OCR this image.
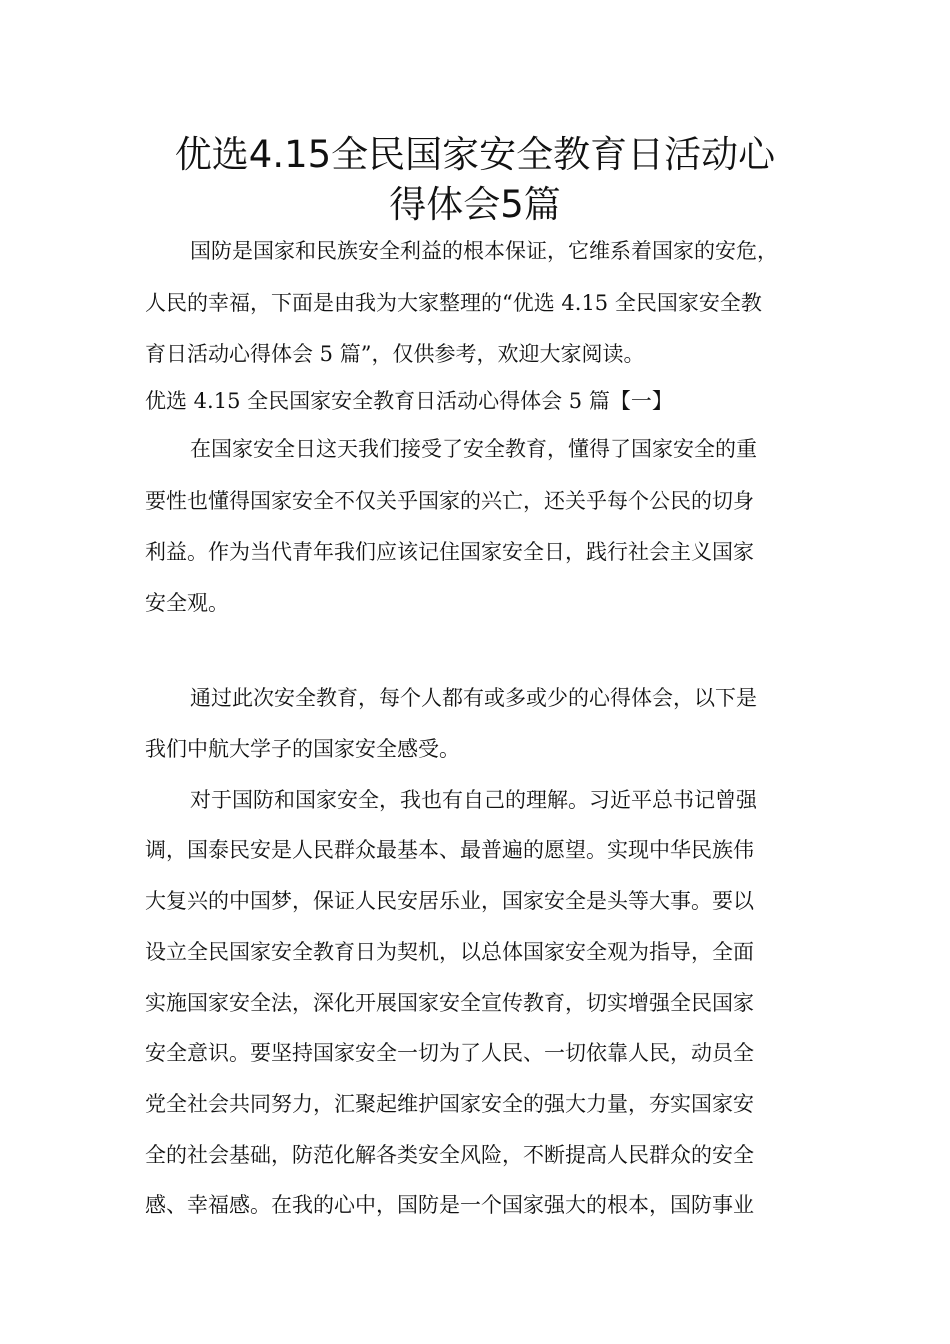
优选4.15全民国家安全教育日活动心
得体会5篇
国防是国家和民族安全利益的根本保证，它维系着国家的安危，
人民的幸福，下面是由我为大家整理的“优选 4.15 全民国家安全教
育日活动心得体会 5 篇”，仅供参考，欢迎大家阅读。
优选 4.15 全民国家安全教育日活动心得体会 5 篇【一】
在国家安全日这天我们接受了安全教育，懂得了国家安全的重
要性也懂得国家安全不仅关乎国家的兴亡，还关乎每个公民的切身
利益。作为当代青年我们应该记住国家安全日，践行社会主义国家
安全观。
通过此次安全教育，每个人都有或多或少的心得体会，以下是
我们中航大学子的国家安全感受。
对于国防和国家安全，我也有自己的理解。习近平总书记曾强
调，国泰民安是人民群众最基本、最普遍的愿望。实现中华民族伟
大复兴的中国梦，保证人民安居乐业，国家安全是头等大事。要以
设立全民国家安全教育日为契机，以总体国家安全观为指导，全面
实施国家安全法，深化开展国家安全宣传教育，切实增强全民国家
安全意识。要坚持国家安全一切为了人民、一切依靠人民，动员全
党全社会共同努力，汇聚起维护国家安全的强大力量，夯实国家安
全的社会基础，防范化解各类安全风险，不断提高人民群众的安全
感、幸福感。在我的心中，国防是一个国家强大的根本，国防事业
